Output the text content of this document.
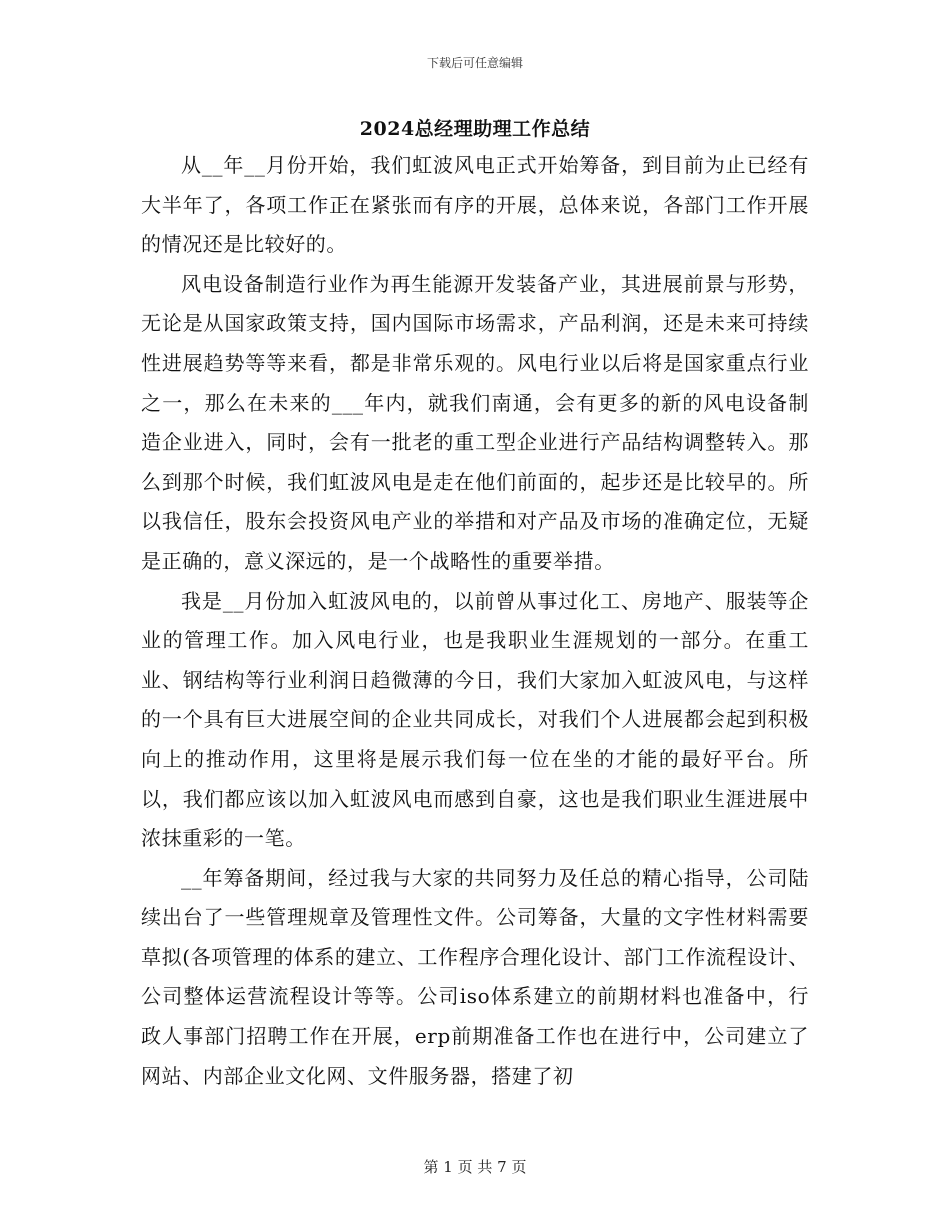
下载后可任意编辑
2024总经理助理工作总结

从__年__月份开始，我们虹波风电正式开始筹备，到目前为止已经有大半年了，各项工作正在紧张而有序的开展，总体来说，各部门工作开展的情况还是比较好的。

风电设备制造行业作为再生能源开发装备产业，其进展前景与形势，无论是从国家政策支持，国内国际市场需求，产品利润，还是未来可持续性进展趋势等等来看，都是非常乐观的。风电行业以后将是国家重点行业之一，那么在未来的___年内，就我们南通，会有更多的新的风电设备制造企业进入，同时，会有一批老的重工型企业进行产品结构调整转入。那么到那个时候，我们虹波风电是走在他们前面的，起步还是比较早的。所以我信任，股东会投资风电产业的举措和对产品及市场的准确定位，无疑是正确的，意义深远的，是一个战略性的重要举措。

我是__月份加入虹波风电的，以前曾从事过化工、房地产、服装等企业的管理工作。加入风电行业，也是我职业生涯规划的一部分。在重工业、钢结构等行业利润日趋微薄的今日，我们大家加入虹波风电，与这样的一个具有巨大进展空间的企业共同成长，对我们个人进展都会起到积极向上的推动作用，这里将是展示我们每一位在坐的才能的最好平台。所以，我们都应该以加入虹波风电而感到自豪，这也是我们职业生涯进展中浓抹重彩的一笔。

__年筹备期间，经过我与大家的共同努力及任总的精心指导，公司陆续出台了一些管理规章及管理性文件。公司筹备，大量的文字性材料需要草拟(各项管理的体系的建立、工作程序合理化设计、部门工作流程设计、公司整体运营流程设计等等。公司iso体系建立的前期材料也准备中，行政人事部门招聘工作在开展，erp前期准备工作也在进行中，公司建立了网站、内部企业文化网、文件服务器，搭建了初

第 1 页 共 7 页
